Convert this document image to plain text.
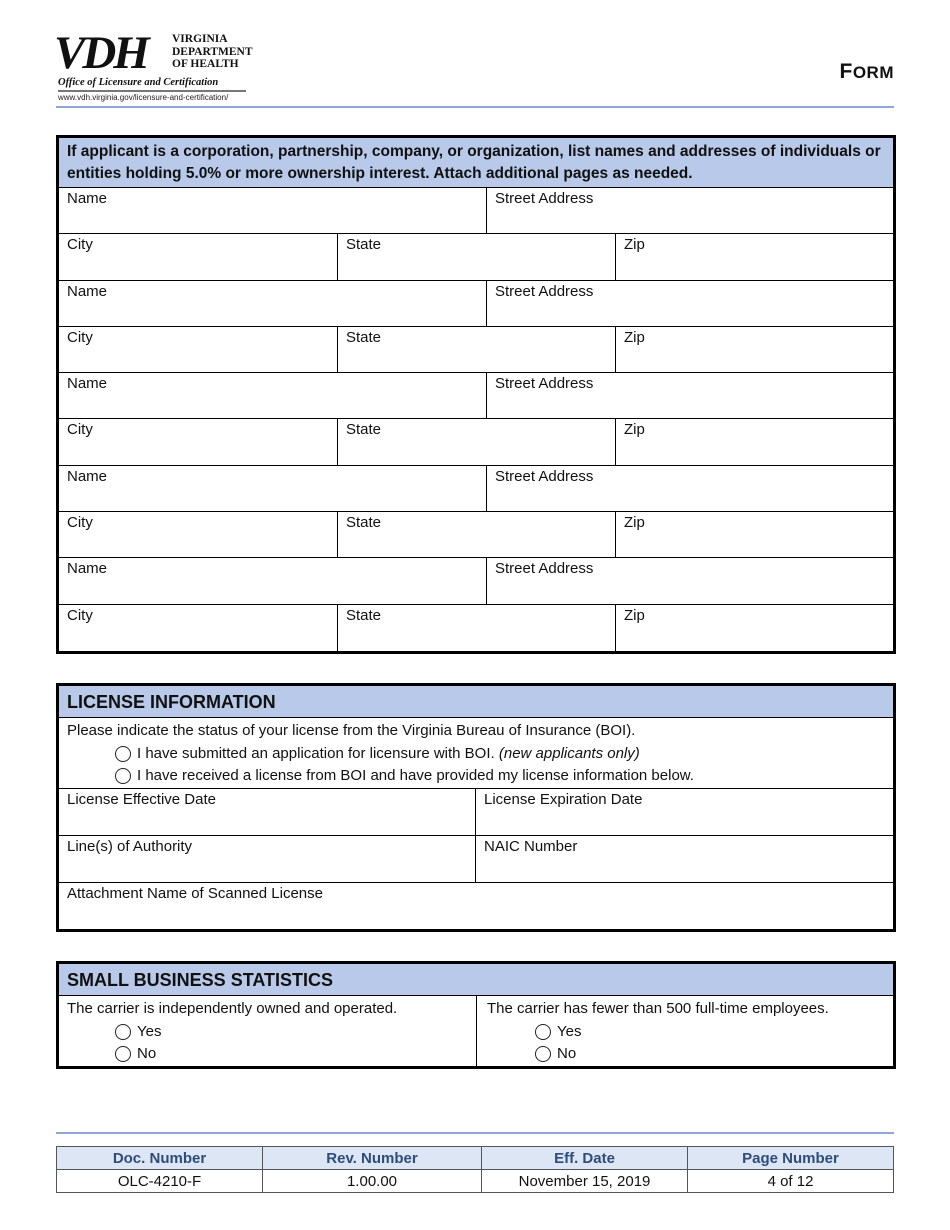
VDH VIRGINIA
DEPARTMENT
OF HEALTH
Office of Licensure and Certification
www.vdh.virginia.gov/licensure-and-certification/
FORM
If applicant is a corporation, partnership, company, or organization, list names and addresses of individuals or entities holding 5.0% or more ownership interest. Attach additional pages as needed.
Name	Street Address
City	State	Zip
Name	Street Address
City	State	Zip
Name	Street Address
City	State	Zip
Name	Street Address
City	State	Zip
Name	Street Address
City	State	Zip
LICENSE INFORMATION
Please indicate the status of your license from the Virginia Bureau of Insurance (BOI).
I have submitted an application for licensure with BOI.
(new applicants only)
I have received a license from BOI and have provided my license information below.
License Effective Date	License Expiration Date
Line(s) of Authority	NAIC Number
Attachment Name of Scanned License
SMALL BUSINESS STATISTICS
The carrier is independently owned and operated.
Yes
No
The carrier has fewer than 500 full-time employees.
Yes
No
Doc. Number	Rev. Number	Eff. Date	Page Number
OLC-4210-F	1.00.00	November 15, 2019	4 of 12
